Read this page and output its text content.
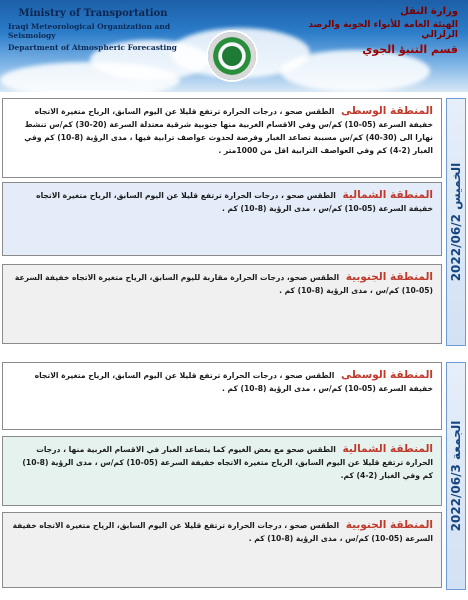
Ministry of Transportation
Iraqi Meteorological Organization and Seismology
Department of Atmospheric Forecasting
وزارة النقل
الهيئة العامة للأنواء الجوية والرصد الزلزالي
قسم التنبؤ الجوي
المنطقة الوسطى الطقس صحو ، درجات الحرارة ترتفع قليلا عن اليوم السابق، الرياح متغيرة الاتجاه خفيفة السرعة (05-10) كم/س وفي الاقسام الغربية منها جنوبية شرقية معتدلة السرعة (20-30) كم/س تنشط نهارا الى (30-40) كم/س مسببة تصاعد الغبار وفرصة لحدوث عواصف ترابية فيها ، مدى الرؤية (8-10) كم وفي الغبار (2-4) كم وفي العواصف الترابية اقل من 1000متر .
المنطقة الشمالية الطقس صحو ، درجات الحرارة ترتفع قليلا عن اليوم السابق، الرياح متغيرة الاتجاه خفيفة السرعة (05-10) كم/س ، مدى الرؤية (8-10) كم .
المنطقة الجنوبية الطقس صحو، درجات الحرارة مقاربة لليوم السابق، الرياح متغيرة الاتجاه خفيفة السرعة (05-10) كم/س ، مدى الرؤية (8-10) كم .
الخميس 2022/06/2
المنطقة الوسطى الطقس صحو ، درجات الحرارة ترتفع قليلا عن اليوم السابق، الرياح متغيرة الاتجاه خفيفة السرعة (05-10) كم/س ، مدى الرؤية (8-10) كم .
المنطقة الشمالية الطقس صحو مع بعض الغيوم كما يتصاعد الغبار في الاقسام الغربية منها ، درجات الحرارة ترتفع قليلا عن اليوم السابق، الرياح متغيرة الاتجاه خفيفة السرعة (05-10) كم/س ، مدى الرؤية (8-10) كم وفي الغبار (2-4) كم.
المنطقة الجنوبية الطقس صحو ، درجات الحرارة ترتفع قليلا عن اليوم السابق، الرياح متغيرة الاتجاه خفيفة السرعة (05-10) كم/س ، مدى الرؤية (8-10) كم .
الجمعة 2022/06/3
